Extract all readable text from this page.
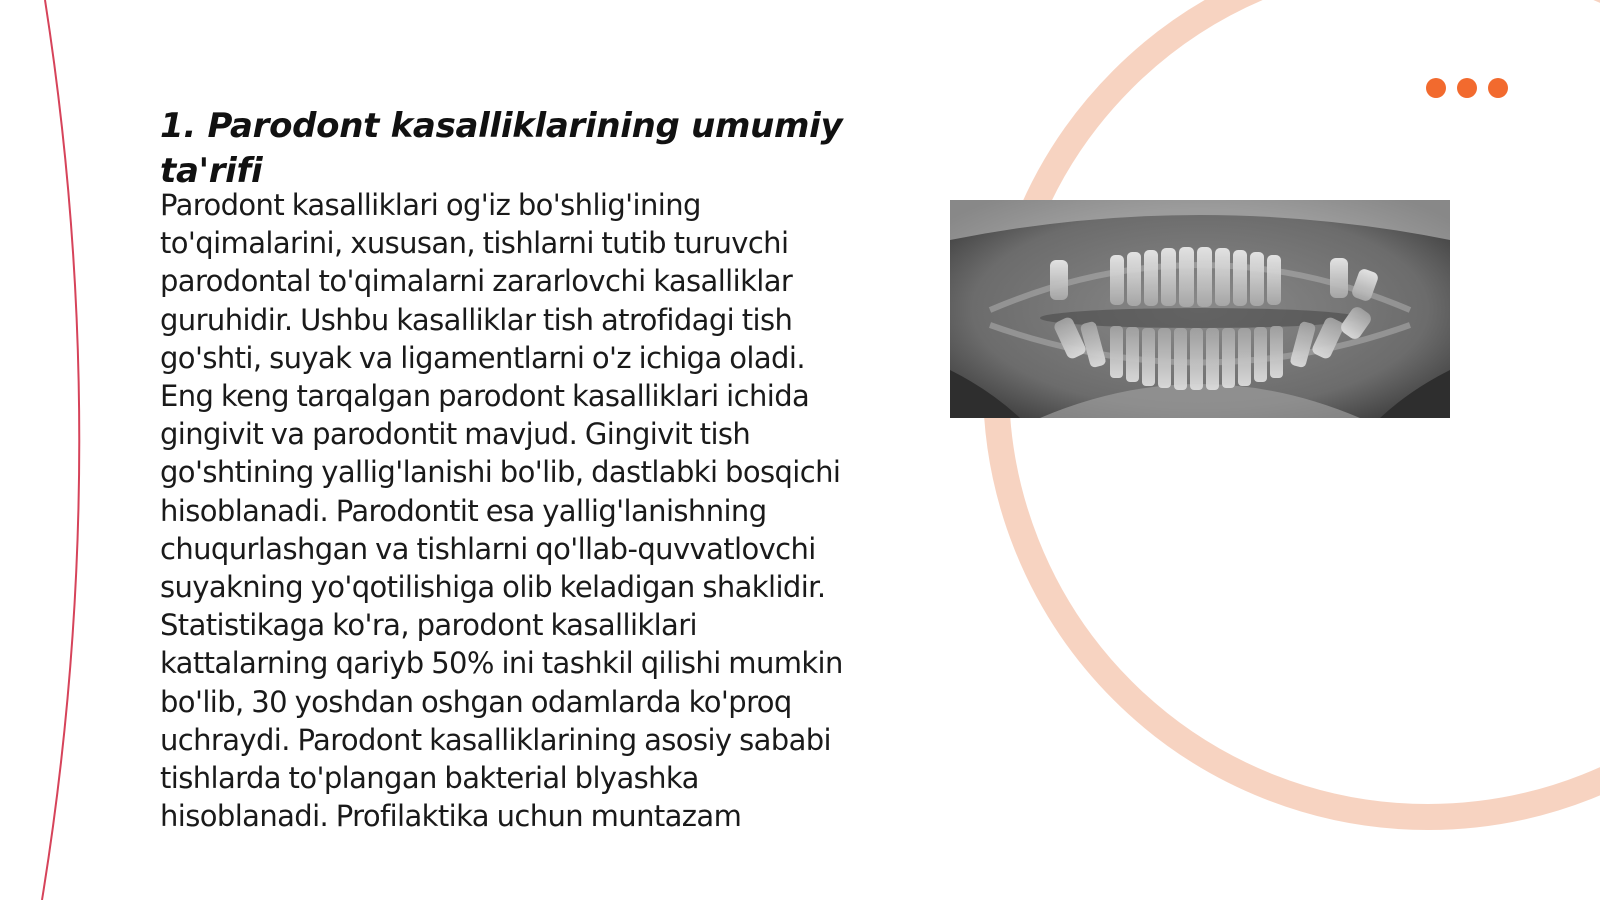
1. Parodont kasalliklarining umumiy ta'rifi

Parodont kasalliklari og'iz bo'shlig'ining to'qimalarini, xususan, tishlarni tutib turuvchi parodontal to'qimalarni zararlovchi kasalliklar guruhidir. Ushbu kasalliklar tish atrofidagi tish go'shti, suyak va ligamentlarni o'z ichiga oladi. Eng keng tarqalgan parodont kasalliklari ichida gingivit va parodontit mavjud. Gingivit tish go'shtining yallig'lanishi bo'lib, dastlabki bosqichi hisoblanadi. Parodontit esa yallig'lanishning chuqurlashgan va tishlarni qo'llab-quvvatlovchi suyakning yo'qotilishiga olib keladigan shaklidir. Statistikaga ko'ra, parodont kasalliklari kattalarning qariyb 50% ini tashkil qilishi mumkin bo'lib, 30 yoshdan oshgan odamlarda ko'proq uchraydi. Parodont kasalliklarining asosiy sababi tishlarda to'plangan bakterial blyashka hisoblanadi. Profilaktika uchun muntazam
